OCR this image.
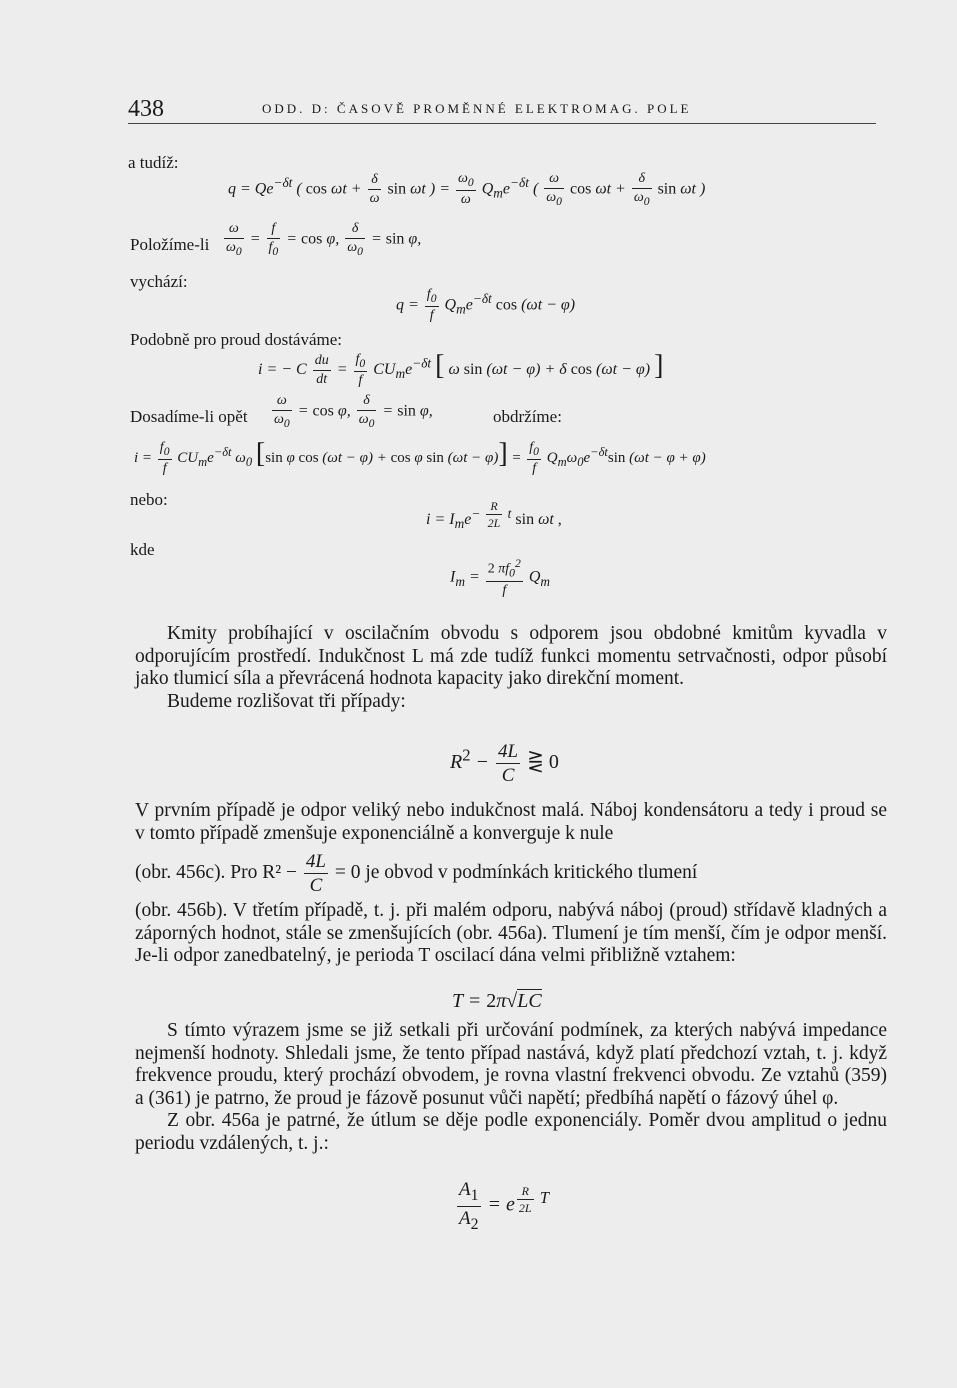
438	ODD. D: ČASOVĚ PROMĚNNÉ ELEKTROMAG. POLE
a tudíž:
$q = Qe^{-\delta t}$ ( $\cos \omega t + \frac{\delta}{\omega}$ sin ωt ) = $\frac{\omega_0}{\omega} Q_me^{-\delta t}$ ( $\frac{\omega}{\omega_0}$ $\cos \omega t + \frac{\delta}{\omega_0}$ sin ωt )
Položíme-li $\frac{\omega}{\omega_0} = \frac{f}{f_0} = \cos \varphi$, $\frac{\delta}{\omega_0} = \sin \varphi$,
vychází:
$q = \frac{f_0}{f} Q_me^{-\delta t}$ cos (ωt − φ)
Podobně pro proud dostáváme:
i = − C $\frac{du}{dt} = \frac{f_0}{f} CU_me^{-\delta t}$ [ ω sin (ωt − φ) + δ cos (ωt − φ) ]
Dosadíme-li opět $\frac{\omega}{\omega_0} = \cos \varphi$, $\frac{\delta}{\omega_0} = \sin \varphi$,	obdržíme:
$i = \frac{f_0}{f} CU_me^{-\delta t}$ $\omega_0$ [sin φ cos (ωt − φ) + cos φ $\sin (\omega t - \varphi)] = \frac{f_0}{f} Q_m\omega_0e^{-\delta t}\sin$ (ωt − φ + φ)
nebo:
$i = I_me^{- \frac{R}{2L} t}$ sin ωt ,
kde
$I_m = \frac{2 \pi f_0^2}{f} Q_m$

Kmity probíhající v oscilačním obvodu s odporem jsou obdobné kmitům kyvadla v odporujícím prostředí. Indukčnost L má zde tudíž funkci momentu setrvačnosti, odpor působí jako tlumicí síla a převrácená hodnota kapacity jako direkční moment.

Budeme rozlišovat tři případy:

$R^2 - \frac{4L}{C}$ ⋛ 0

V prvním případě je odpor veliký nebo indukčnost malá. Náboj kondensátoru a tedy i proud se v tomto případě zmenšuje exponenciálně a konverguje k nule

(obr. 456c). Pro $R^2 - \frac{4L}{C} = 0$ je obvod v podmínkách kritického tlumení

(obr. 456b). V třetím případě, t. j. při malém odporu, nabývá náboj (proud) střídavě kladných a záporných hodnot, stále se zmenšujících (obr. 456a). Tlumení je tím menší, čím je odpor menší. Je-li odpor zanedbatelný, je perioda T oscilací dána velmi přibližně vztahem:

T = 2π√LC

S tímto výrazem jsme se již setkali při určování podmínek, za kterých nabývá impedance nejmenší hodnoty. Shledali jsme, že tento případ nastává, když platí předchozí vztah, t. j. když frekvence proudu, který prochází obvodem, je rovna vlastní frekvenci obvodu. Ze vztahů (359) a (361) je patrno, že proud je fázově posunut vůči napětí; předbíhá napětí o fázový úhel φ.

Z obr. 456a je patrné, že útlum se děje podle exponenciály. Poměr dvou amplitud o jednu periodu vzdálených, t. j.:

$\frac{A_1}{A_2} = e$ $^{\frac{R}{2L} T}$
